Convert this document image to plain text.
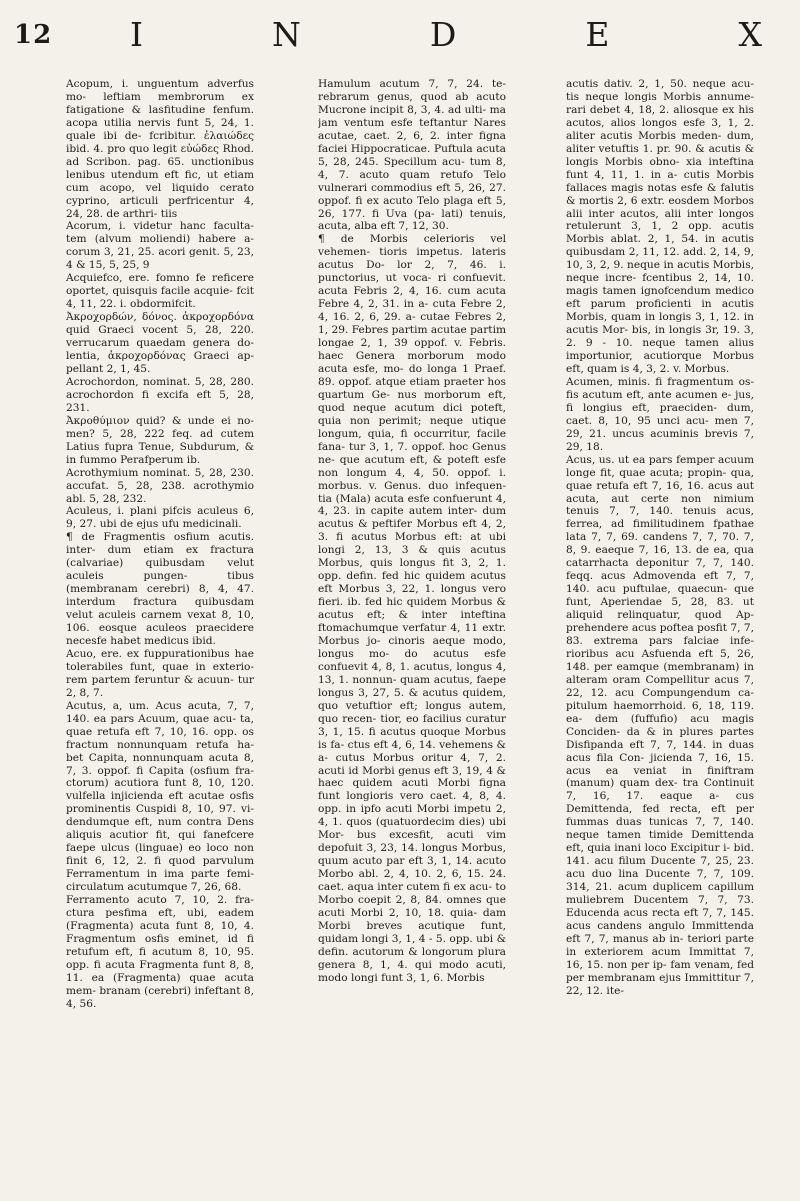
12 I	N	D	E	X

Acopum, i. unguentum adverfus mo- leftiam membrorum ex fatigatione & lasfitudine fenfum. acopa utilia nervis funt 5, 24, 1. quale ibi de- fcribitur. ἐλαιώδες ibid. 4. pro quo legit εὐώδες Rhod. ad Scribon. pag. 65. unctionibus lenibus utendum eft fic, ut etiam cum acopo, vel liquido cerato cyprino, articuli perfricentur 4, 24, 28. de arthri- tiis

Acorum, i. videtur hanc faculta- tem (alvum moliendi) habere a- corum 3, 21, 25. acori genit. 5, 23, 4 & 15, 5, 25, 9

Acquiefco, ere. fomno fe reficere oportet, quisquis facile acquie- fcit 4, 11, 22. i. obdormifcit.

Ἀκροχορδών, δόνος. ἀκροχορδόνα quid Graeci vocent 5, 28, 220. verrucarum quaedam genera do- lentia, ἀκροχορδόνας Graeci ap- pellant 2, 1, 45.

Acrochordon, nominat. 5, 28, 280. acrochordon fi excifa eft 5, 28, 231.

Ἀκροθύμιον quid? & unde ei no- men? 5, 28, 222 feq. ad cutem Latius fupra Tenue, Subdurum, & in fummo Perafperum ib.

Acrothymium nominat. 5, 28, 230. accufat. 5, 28, 238. acrothymio abl. 5, 28, 232.

Aculeus, i. plani pifcis aculeus 6, 9, 27. ubi de ejus ufu medicinali.

¶ de Fragmentis osfium acutis. inter- dum etiam ex fractura (calvariae) quibusdam velut aculeis pungen- tibus (membranam cerebri) 8, 4, 47. interdum fractura quibusdam velut aculeis carnem vexat 8, 10, 106. eosque aculeos praecidere necesfe habet medicus ibid.

Acuo, ere. ex fuppurationibus hae tolerabiles funt, quae in exterio- rem partem feruntur & acuun- tur 2, 8, 7.

Acutus, a, um. Acus acuta, 7, 7, 140. ea pars Acuum, quae acu- ta, quae retufa eft 7, 10, 16. opp. os fractum nonnunquam retufa ha- bet Capita, nonnunquam acuta 8, 7, 3. oppof. fi Capita (osfium fra- ctorum) acutiora funt 8, 10, 120. vulfella injicienda eft acutae osfis prominentis Cuspidi 8, 10, 97. vi- dendumque eft, num contra Dens aliquis acutior fit, qui fanefcere faepe ulcus (linguae) eo loco non finit 6, 12, 2. fi quod parvulum Ferramentum in ima parte femi- circulatum acutumque 7, 26, 68.

Ferramento acuto 7, 10, 2. fra- ctura pesfima eft, ubi, eadem (Fragmenta) acuta funt 8, 10, 4. Fragmentum osfis eminet, id fi retufum eft, fi acutum 8, 10, 95. opp. fi acuta Fragmenta funt 8, 8, 11. ea (Fragmenta) quae acuta mem- branam (cerebri) infeftant 8, 4, 56.

Hamulum acutum 7, 7, 24. te- rebrarum genus, quod ab acuto Mucrone incipit 8, 3, 4. ad ulti- ma jam ventum esfe teftantur Nares acutae, caet. 2, 6, 2. inter figna faciei Hippocraticae. Puftula acuta 5, 28, 245. Specillum acu- tum 8, 4, 7. acuto quam retufo Telo vulnerari commodius eft 5, 26, 27. oppof. fi ex acuto Telo plaga eft 5, 26, 177. fi Uva (pa- lati) tenuis, acuta, alba eft 7, 12, 30.

¶ de Morbis celerioris vel vehemen- tioris impetus. lateris acutus Do- lor 2, 7, 46. i. punctorius, ut voca- ri confuevit. acuta Febris 2, 4, 16. cum acuta Febre 4, 2, 31. in a- cuta Febre 2, 4, 16. 2, 6, 29. a- cutae Febres 2, 1, 29. Febres partim acutae partim longae 2, 1, 39 oppof. v. Febris. haec Genera morborum modo acuta esfe, mo- do longa 1 Praef. 89. oppof. atque etiam praeter hos quartum Ge- nus morborum eft, quod neque acutum dici poteft, quia non perimit; neque utique longum, quia, fi occurritur, facile fana- tur 3, 1, 7. oppof. hoc Genus ne- que acutum eft, & poteft esfe non longum 4, 4, 50. oppof. i. morbus. v. Genus. duo infequen- tia (Mala) acuta esfe confuerunt 4, 4, 23. in capite autem inter- dum acutus & peftifer Morbus eft 4, 2, 3. fi acutus Morbus eft: at ubi longi 2, 13, 3 & quis acutus Morbus, quis longus fit 3, 2, 1. opp. defin. fed hic quidem acutus eft Morbus 3, 22, 1. longus vero fieri. ib. fed hic quidem Morbus & acutus eft; & inter inteftina ftomachumque verfatur 4, 11 extr. Morbus jo- cinoris aeque modo, longus mo- do acutus esfe confuevit 4, 8, 1. acutus, longus 4, 13, 1. nonnun- quam acutus, faepe longus 3, 27, 5. & acutus quidem, quo vetuftior eft; longus autem, quo recen- tior, eo facilius curatur 3, 1, 15. fi acutus quoque Morbus is fa- ctus eft 4, 6, 14. vehemens & a- cutus Morbus oritur 4, 7, 2. acuti id Morbi genus eft 3, 19, 4 & haec quidem acuti Morbi figna funt longioris vero caet. 4, 8, 4. opp. in ipfo acuti Morbi impetu 2, 4, 1. quos (quatuordecim dies) ubi Mor- bus excesfit, acuti vim depofuit 3, 23, 14. longus Morbus, quum acuto par eft 3, 1, 14. acuto Morbo abl. 2, 4, 10. 2, 6, 15. 24. caet. aqua inter cutem fi ex acu- to Morbo coepit 2, 8, 84. omnes que acuti Morbi 2, 10, 18. quia- dam Morbi breves acutique funt, quidam longi 3, 1, 4 - 5. opp. ubi & defin. acutorum & longorum plura genera 8, 1, 4. qui modo acuti, modo longi funt 3, 1, 6. Morbis

acutis dativ. 2, 1, 50. neque acu- tis neque longis Morbis annume- rari debet 4, 18, 2. aliosque ex his acutos, alios longos esfe 3, 1, 2. aliter acutis Morbis meden- dum, aliter vetuftis 1. pr. 90. & acutis & longis Morbis obno- xia inteftina funt 4, 11, 1. in a- cutis Morbis fallaces magis notas esfe & falutis & mortis 2, 6 extr. eosdem Morbos alii inter acutos, alii inter longos retulerunt 3, 1, 2 opp. acutis Morbis ablat. 2, 1, 54. in acutis quibusdam 2, 11, 12. add. 2, 14, 9, 10, 3, 2, 9. neque in acutis Morbis, neque incre- fcentibus 2, 14, 10. magis tamen ignofcendum medico eft parum proficienti in acutis Morbis, quam in longis 3, 1, 12. in acutis Mor- bis, in longis 3r, 19. 3, 2. 9 - 10. neque tamen alius importunior, acutiorque Morbus eft, quam is 4, 3, 2. v. Morbus.

Acumen, minis. fi fragmentum os- fis acutum eft, ante acumen e- jus, fi longius eft, praeciden- dum, caet. 8, 10, 95 unci acu- men 7, 29, 21. uncus acuminis brevis 7, 29, 18.

Acus, us. ut ea pars femper acuum longe fit, quae acuta; propin- qua, quae retufa eft 7, 16, 16. acus aut acuta, aut certe non nimium tenuis 7, 7, 140. tenuis acus, ferrea, ad fimilitudinem fpathae lata 7, 7, 69. candens 7, 7, 70. 7, 8, 9. eaeque 7, 16, 13. de ea, qua catarrhacta deponitur 7, 7, 140. feqq. acus Admovenda eft 7, 7, 140. acu puftulae, quaecun- que funt, Aperiendae 5, 28, 83. ut aliquid relinquatur, quod Ap- prehendere acus poftea posfit 7, 7, 83. extrema pars falciae infe- rioribus acu Asfuenda eft 5, 26, 148. per eamque (membranam) in alteram oram Compellitur acus 7, 22, 12. acu Compungendum ca- pitulum haemorrhoid. 6, 18, 119. ea- dem (fuffufio) acu magis Conciden- da & in plures partes Disfipanda eft 7, 7, 144. in duas acus fila Con- jicienda 7, 16, 15. acus ea veniat in finiftram (manum) quam dex- tra Continuit 7, 16, 17. eaque a- cus Demittenda, fed recta, eft per fummas duas tunicas 7, 7, 140. neque tamen timide Demittenda eft, quia inani loco Excipitur i- bid. 141. acu filum Ducente 7, 25, 23. acu duo lina Ducente 7, 7, 109. 314, 21. acum duplicem capillum muliebrem Ducentem 7, 7, 73. Educenda acus recta eft 7, 7, 145. acus candens angulo Immittenda eft 7, 7, manus ab in- teriori parte in exteriorem acum Immittat 7, 16, 15. non per ip- fam venam, fed per membranam ejus Immittitur 7, 22, 12. ite-
